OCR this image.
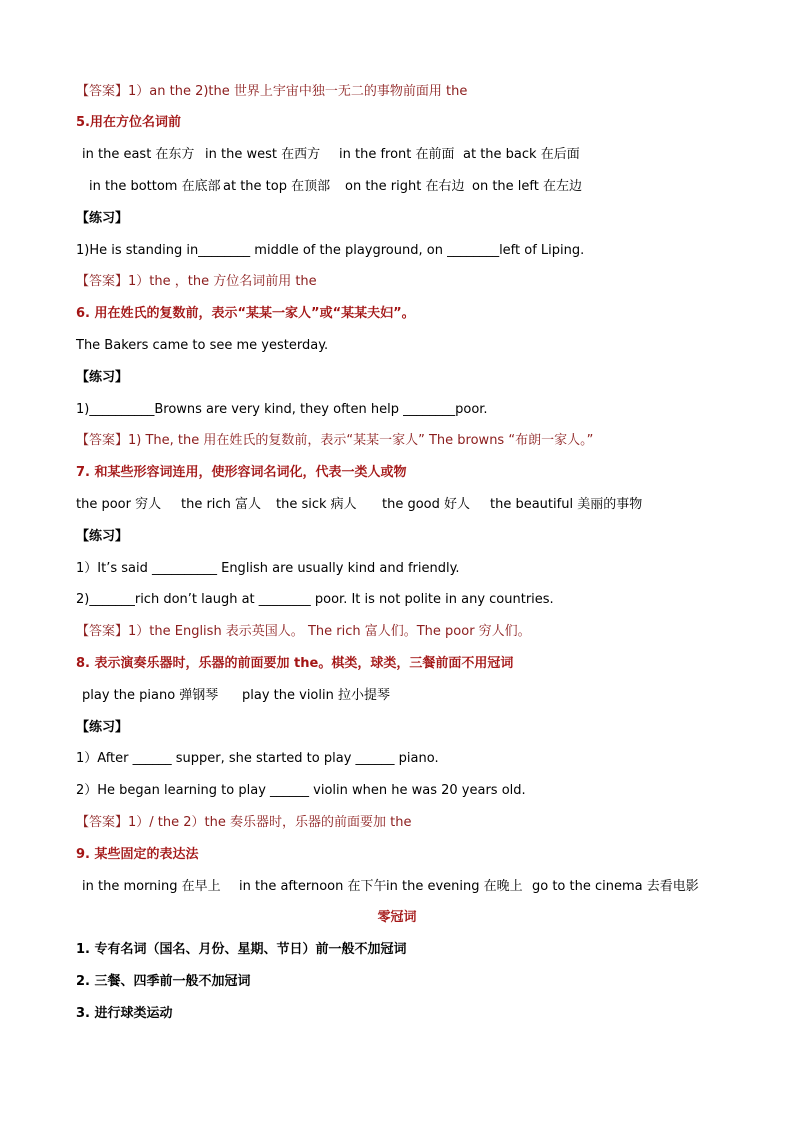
【答案】1）an the 2)the 世界上宇宙中独一无二的事物前面用 the
5.用在方位名词前
in the east 在东方 in the west 在西方 in the front 在前面 at the back 在后面
in the bottom 在底部 at the top 在顶部 on the right 在右边 on the left 在左边
【练习】
1)He is standing in________ middle of the playground, on ________left of Liping.
【答案】1）the ，the 方位名词前用 the
6. 用在姓氏的复数前，表示“某某一家人”或“某某夫妇”。
The Bakers came to see me yesterday.
【练习】
1)__________Browns are very kind, they often help ________poor.
【答案】1) The, the 用在姓氏的复数前，表示“某某一家人” The browns “布朗一家人。”
7. 和某些形容词连用，使形容词名词化，代表一类人或物
the poor 穷人 the rich 富人 the sick 病人 the good 好人 the beautiful 美丽的事物
【练习】
1）It’s said __________ English are usually kind and friendly.
2)_______rich don’t laugh at ________ poor. It is not polite in any countries.
【答案】1）the English 表示英国人。 The rich 富人们。The poor 穷人们。
8. 表示演奏乐器时，乐器的前面要加 the。棋类，球类，三餐前面不用冠词
play the piano 弹钢琴 play the violin 拉小提琴
【练习】
1）After ______ supper, she started to play ______ piano.
2）He began learning to play ______ violin when he was 20 years old.
【答案】1）/ the 2）the 奏乐器时，乐器的前面要加 the
9. 某些固定的表达法
in the morning 在早上 in the afternoon 在下午in the evening 在晚上 go to the cinema 去看电影
零冠词
1. 专有名词（国名、月份、星期、节日）前一般不加冠词
2. 三餐、四季前一般不加冠词
3. 进行球类运动
